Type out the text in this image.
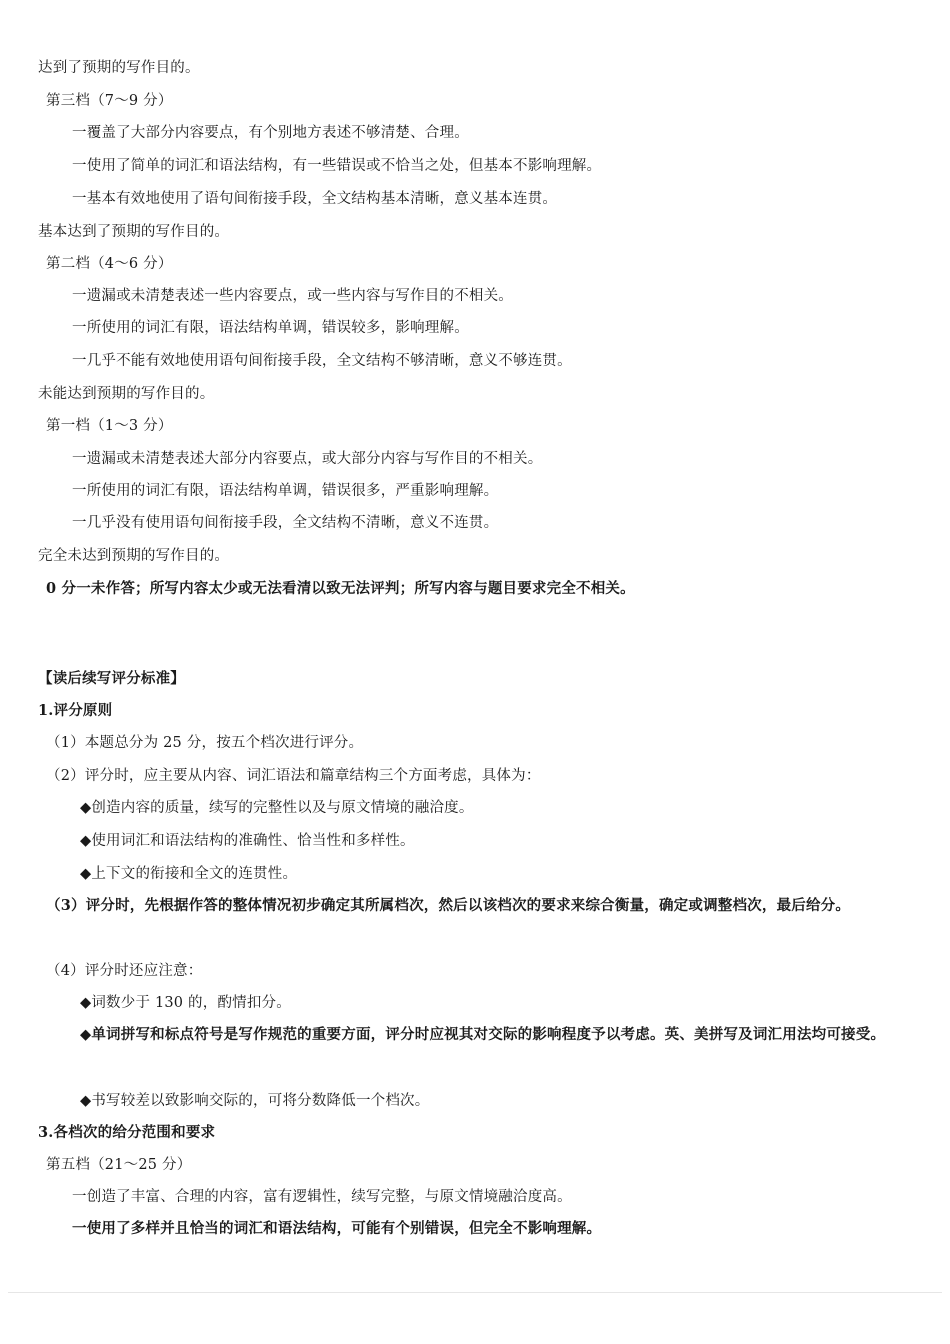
达到了预期的写作目的。
第三档（7～9 分）
一覆盖了大部分内容要点，有个别地方表述不够清楚、合理。
一使用了简单的词汇和语法结构，有一些错误或不恰当之处，但基本不影响理解。
一基本有效地使用了语句间衔接手段，全文结构基本清晰，意义基本连贯。
基本达到了预期的写作目的。
第二档（4～6 分）
一遗漏或未清楚表述一些内容要点，或一些内容与写作目的不相关。
一所使用的词汇有限，语法结构单调，错误较多，影响理解。
一几乎不能有效地使用语句间衔接手段，全文结构不够清晰，意义不够连贯。
未能达到预期的写作目的。
第一档（1～3 分）
一遗漏或未清楚表述大部分内容要点，或大部分内容与写作目的不相关。
一所使用的词汇有限，语法结构单调，错误很多，严重影响理解。
一几乎没有使用语句间衔接手段，全文结构不清晰，意义不连贯。
完全未达到预期的写作目的。
0 分一未作答；所写内容太少或无法看清以致无法评判；所写内容与题目要求完全不相关。
【读后续写评分标准】
1.评分原则
（1）本题总分为 25 分，按五个档次进行评分。
（2）评分时，应主要从内容、词汇语法和篇章结构三个方面考虑，具体为：
◆创造内容的质量，续写的完整性以及与原文情境的融洽度。
◆使用词汇和语法结构的准确性、恰当性和多样性。
◆上下文的衔接和全文的连贯性。
（3）评分时，先根据作答的整体情况初步确定其所属档次，然后以该档次的要求来综合衡量，确定或调整档次，最后给分。
（4）评分时还应注意：
◆词数少于 130 的，酌情扣分。
◆单词拼写和标点符号是写作规范的重要方面，评分时应视其对交际的影响程度予以考虑。英、美拼写及词汇用法均可接受。
◆书写较差以致影响交际的，可将分数降低一个档次。
3.各档次的给分范围和要求
第五档（21～25 分）
一创造了丰富、合理的内容，富有逻辑性，续写完整，与原文情境融洽度高。
一使用了多样并且恰当的词汇和语法结构，可能有个别错误，但完全不影响理解。
